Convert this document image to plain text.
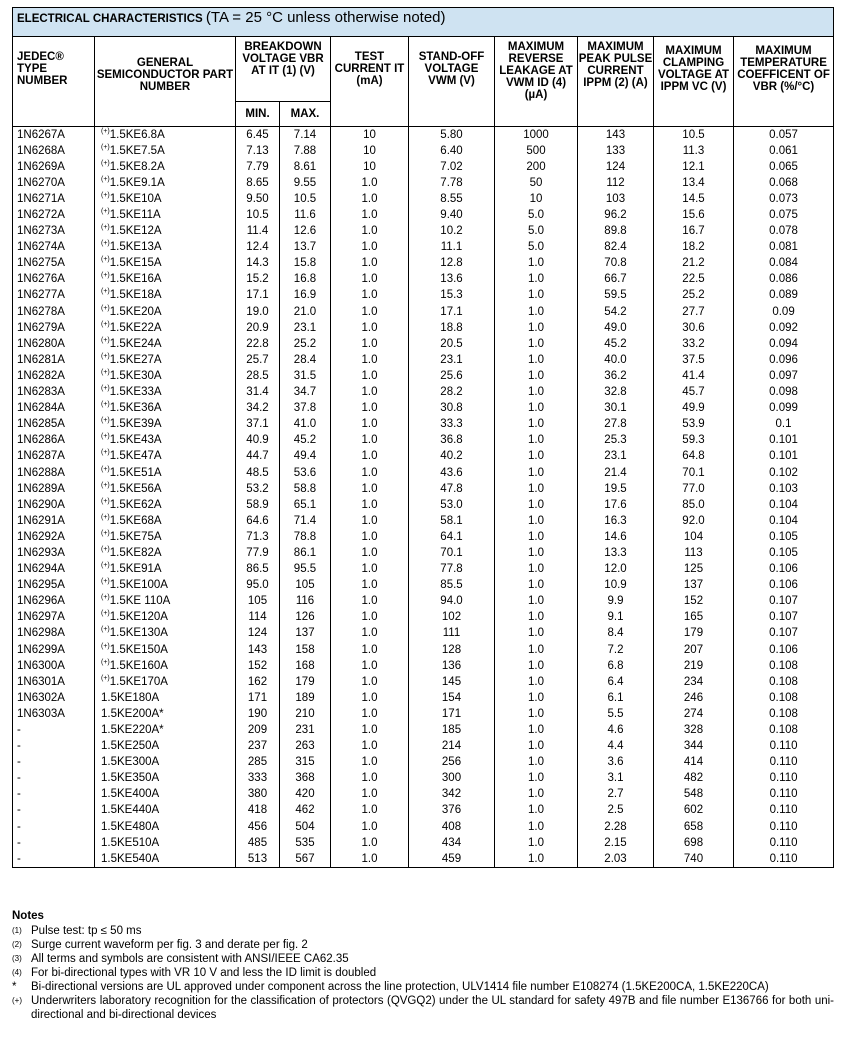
ELECTRICAL CHARACTERISTICS (TA = 25 °C unless otherwise noted)									
JEDEC® TYPE NUMBER	GENERAL SEMICONDUCTOR PART NUMBER	BREAKDOWN VOLTAGE VBR AT IT (1) (V)		TEST CURRENT IT (mA)	STAND-OFF VOLTAGE VWM (V)	MAXIMUM REVERSE LEAKAGE AT VWM ID (4) (µA)	MAXIMUM PEAK PULSE CURRENT IPPM (2) (A)	MAXIMUM CLAMPING VOLTAGE AT IPPM VC (V)	MAXIMUM TEMPERATURE COEFFICENT OF VBR (%/°C)
		MIN.	MAX.						
1N6267A	(+)1.5KE6.8A	6.45	7.14	10	5.80	1000	143	10.5	0.057
1N6268A	(+)1.5KE7.5A	7.13	7.88	10	6.40	500	133	11.3	0.061
1N6269A	(+)1.5KE8.2A	7.79	8.61	10	7.02	200	124	12.1	0.065
1N6270A	(+)1.5KE9.1A	8.65	9.55	1.0	7.78	50	112	13.4	0.068
1N6271A	(+)1.5KE10A	9.50	10.5	1.0	8.55	10	103	14.5	0.073
1N6272A	(+)1.5KE11A	10.5	11.6	1.0	9.40	5.0	96.2	15.6	0.075
1N6273A	(+)1.5KE12A	11.4	12.6	1.0	10.2	5.0	89.8	16.7	0.078
1N6274A	(+)1.5KE13A	12.4	13.7	1.0	11.1	5.0	82.4	18.2	0.081
1N6275A	(+)1.5KE15A	14.3	15.8	1.0	12.8	1.0	70.8	21.2	0.084
1N6276A	(+)1.5KE16A	15.2	16.8	1.0	13.6	1.0	66.7	22.5	0.086
1N6277A	(+)1.5KE18A	17.1	16.9	1.0	15.3	1.0	59.5	25.2	0.089
1N6278A	(+)1.5KE20A	19.0	21.0	1.0	17.1	1.0	54.2	27.7	0.09
1N6279A	(+)1.5KE22A	20.9	23.1	1.0	18.8	1.0	49.0	30.6	0.092
1N6280A	(+)1.5KE24A	22.8	25.2	1.0	20.5	1.0	45.2	33.2	0.094
1N6281A	(+)1.5KE27A	25.7	28.4	1.0	23.1	1.0	40.0	37.5	0.096
1N6282A	(+)1.5KE30A	28.5	31.5	1.0	25.6	1.0	36.2	41.4	0.097
1N6283A	(+)1.5KE33A	31.4	34.7	1.0	28.2	1.0	32.8	45.7	0.098
1N6284A	(+)1.5KE36A	34.2	37.8	1.0	30.8	1.0	30.1	49.9	0.099
1N6285A	(+)1.5KE39A	37.1	41.0	1.0	33.3	1.0	27.8	53.9	0.1
1N6286A	(+)1.5KE43A	40.9	45.2	1.0	36.8	1.0	25.3	59.3	0.101
1N6287A	(+)1.5KE47A	44.7	49.4	1.0	40.2	1.0	23.1	64.8	0.101
1N6288A	(+)1.5KE51A	48.5	53.6	1.0	43.6	1.0	21.4	70.1	0.102
1N6289A	(+)1.5KE56A	53.2	58.8	1.0	47.8	1.0	19.5	77.0	0.103
1N6290A	(+)1.5KE62A	58.9	65.1	1.0	53.0	1.0	17.6	85.0	0.104
1N6291A	(+)1.5KE68A	64.6	71.4	1.0	58.1	1.0	16.3	92.0	0.104
1N6292A	(+)1.5KE75A	71.3	78.8	1.0	64.1	1.0	14.6	104	0.105
1N6293A	(+)1.5KE82A	77.9	86.1	1.0	70.1	1.0	13.3	113	0.105
1N6294A	(+)1.5KE91A	86.5	95.5	1.0	77.8	1.0	12.0	125	0.106
1N6295A	(+)1.5KE100A	95.0	105	1.0	85.5	1.0	10.9	137	0.106
1N6296A	(+)1.5KE 110A	105	116	1.0	94.0	1.0	9.9	152	0.107
1N6297A	(+)1.5KE120A	114	126	1.0	102	1.0	9.1	165	0.107
1N6298A	(+)1.5KE130A	124	137	1.0	111	1.0	8.4	179	0.107
1N6299A	(+)1.5KE150A	143	158	1.0	128	1.0	7.2	207	0.106
1N6300A	(+)1.5KE160A	152	168	1.0	136	1.0	6.8	219	0.108
1N6301A	(+)1.5KE170A	162	179	1.0	145	1.0	6.4	234	0.108
1N6302A	1.5KE180A	171	189	1.0	154	1.0	6.1	246	0.108
1N6303A	1.5KE200A*	190	210	1.0	171	1.0	5.5	274	0.108
-	1.5KE220A*	209	231	1.0	185	1.0	4.6	328	0.108
-	1.5KE250A	237	263	1.0	214	1.0	4.4	344	0.110
-	1.5KE300A	285	315	1.0	256	1.0	3.6	414	0.110
-	1.5KE350A	333	368	1.0	300	1.0	3.1	482	0.110
-	1.5KE400A	380	420	1.0	342	1.0	2.7	548	0.110
-	1.5KE440A	418	462	1.0	376	1.0	2.5	602	0.110
-	1.5KE480A	456	504	1.0	408	1.0	2.28	658	0.110
-	1.5KE510A	485	535	1.0	434	1.0	2.15	698	0.110
-	1.5KE540A	513	567	1.0	459	1.0	2.03	740	0.110
Notes
(1) Pulse test: tp ≤ 50 ms
(2) Surge current waveform per fig. 3 and derate per fig. 2
(3) All terms and symbols are consistent with ANSI/IEEE CA62.35
(4) For bi-directional types with VR 10 V and less the ID limit is doubled
*	Bi-directional versions are UL approved under component across the line protection, ULV1414 file number E108274 (1.5KE200CA, 1.5KE220CA)
(+) Underwriters laboratory recognition for the classification of protectors (QVGQ2) under the UL standard for safety 497B and file number E136766 for both uni-directional and bi-directional devices
